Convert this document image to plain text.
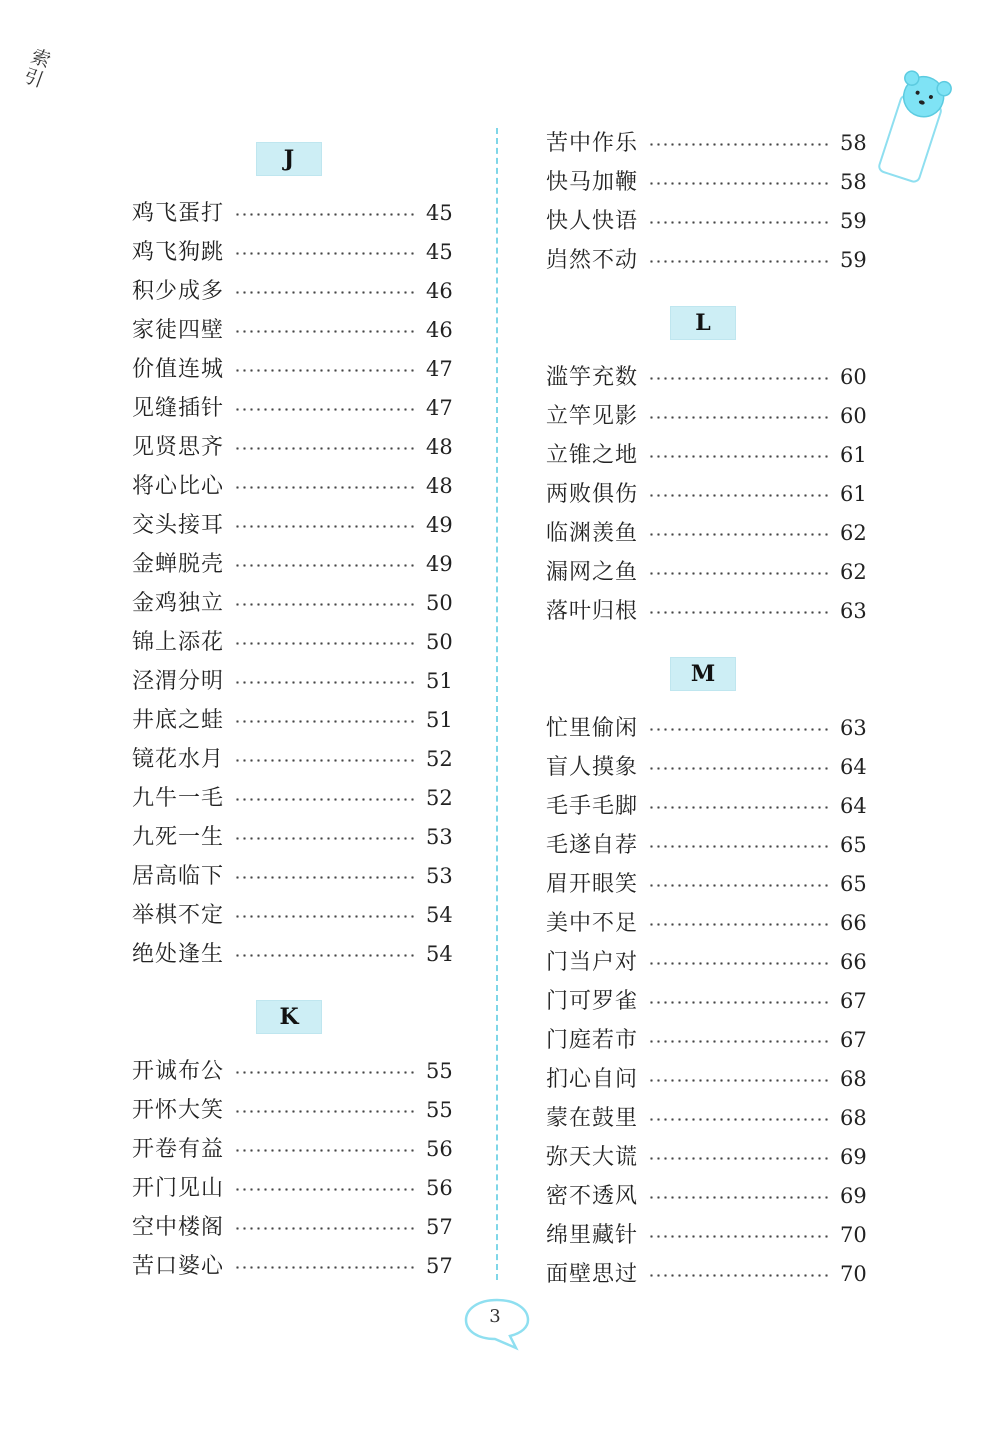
索引
J
鸡飞蛋打	45
鸡飞狗跳	45
积少成多	46
家徒四壁	46
价值连城	47
见缝插针	47
见贤思齐	48
将心比心	48
交头接耳	49
金蝉脱壳	49
金鸡独立	50
锦上添花	50
泾渭分明	51
井底之蛙	51
镜花水月	52
九牛一毛	52
九死一生	53
居高临下	53
举棋不定	54
绝处逢生	54
K
开诚布公	55
开怀大笑	55
开卷有益	56
开门见山	56
空中楼阁	57
苦口婆心	57
苦中作乐	58
快马加鞭	58
快人快语	59
岿然不动	59
L
滥竽充数	60
立竿见影	60
立锥之地	61
两败俱伤	61
临渊羡鱼	62
漏网之鱼	62
落叶归根	63
M
忙里偷闲	63
盲人摸象	64
毛手毛脚	64
毛遂自荐	65
眉开眼笑	65
美中不足	66
门当户对	66
门可罗雀	67
门庭若市	67
扪心自问	68
蒙在鼓里	68
弥天大谎	69
密不透风	69
绵里藏针	70
面壁思过	70
3
